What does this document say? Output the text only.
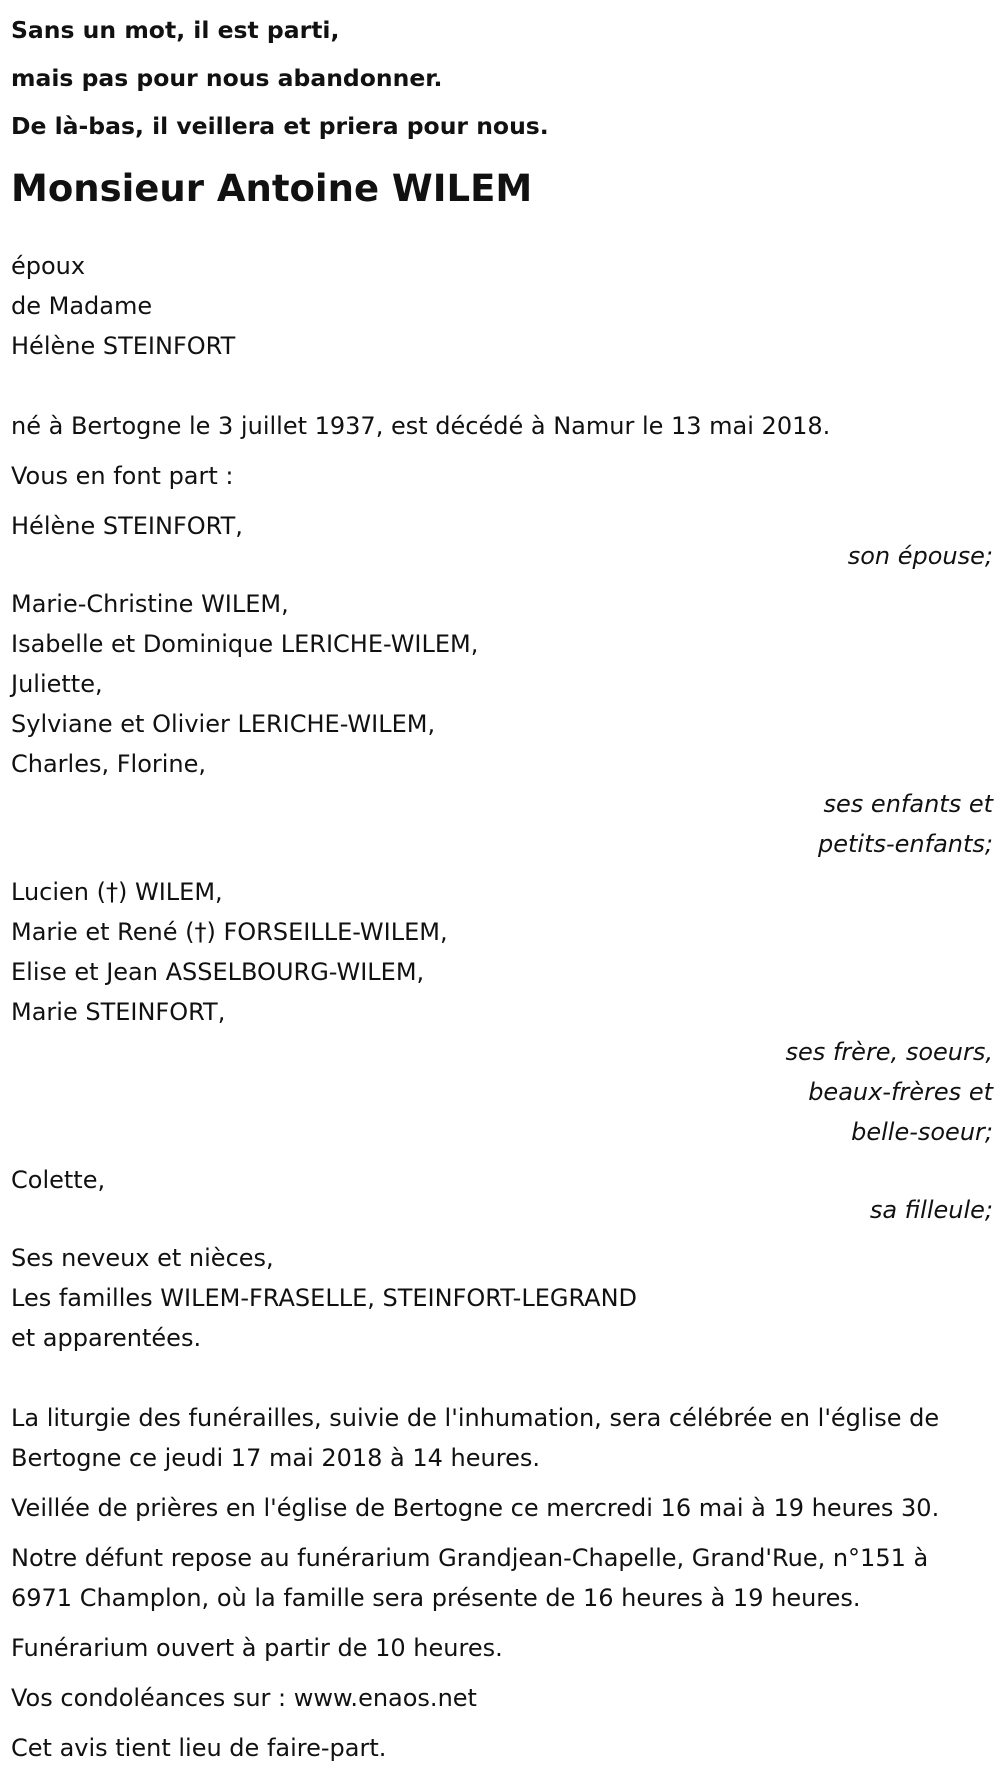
Sans un mot, il est parti,
mais pas pour nous abandonner.
De là-bas, il veillera et priera pour nous.
Monsieur Antoine WILEM
époux
de Madame
Hélène STEINFORT
né à Bertogne le 3 juillet 1937, est décédé à Namur le 13 mai 2018.
Vous en font part :
Hélène STEINFORT,
son épouse;
Marie-Christine WILEM,
Isabelle et Dominique LERICHE-WILEM,
Juliette,
Sylviane et Olivier LERICHE-WILEM,
Charles, Florine,
ses enfants et
petits-enfants;
Lucien (†) WILEM,
Marie et René (†) FORSEILLE-WILEM,
Elise et Jean ASSELBOURG-WILEM,
Marie STEINFORT,
ses frère, soeurs,
beaux-frères et
belle-soeur;
Colette,
sa filleule;
Ses neveux et nièces,
Les familles WILEM-FRASELLE, STEINFORT-LEGRAND
et apparentées.

La liturgie des funérailles, suivie de l'inhumation, sera célébrée en l'église de Bertogne ce jeudi 17 mai 2018 à 14 heures.

Veillée de prières en l'église de Bertogne ce mercredi 16 mai à 19 heures 30.

Notre défunt repose au funérarium Grandjean-Chapelle, Grand'Rue, n°151 à 6971 Champlon, où la famille sera présente de 16 heures à 19 heures.

Funérarium ouvert à partir de 10 heures.

Vos condoléances sur : www.enaos.net

Cet avis tient lieu de faire-part.
